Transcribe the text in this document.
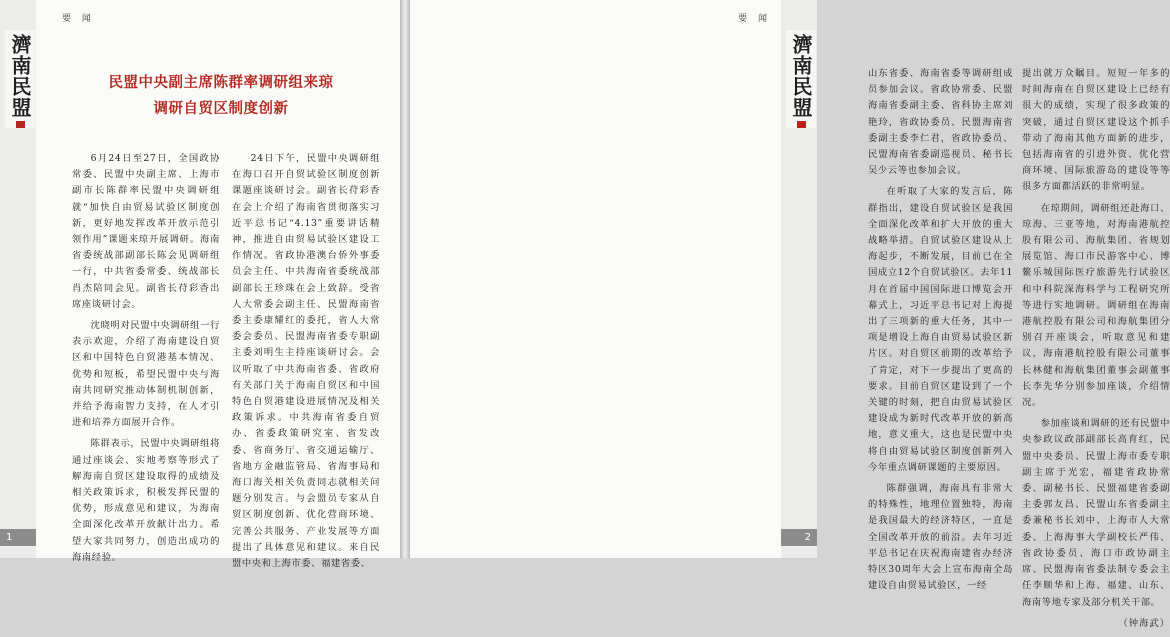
濟南民盟
要 闻
民盟中央副主席陈群率调研组来琼
调研自贸区制度创新

6月24日至27日，全国政协常委、民盟中央副主席、上海市副市长陈群率民盟中央调研组就“加快自由贸易试验区制度创新，更好地发挥改革开放示范引领作用”课题来琼开展调研。海南省委统战部副部长陈会见调研组一行，中共省委常委、统战部长肖杰陪同会见。副省长苻彩香出席座谈研讨会。

沈晓明对民盟中央调研组一行表示欢迎，介绍了海南建设自贸区和中国特色自贸港基本情况、优势和短板，希望民盟中央与海南共同研究推动体制机制创新，并给予海南智力支持，在人才引进和培养方面展开合作。

陈群表示，民盟中央调研组将通过座谈会、实地考察等形式了解海南自贸区建设取得的成绩及相关政策诉求，积极发挥民盟的优势，形成意见和建议，为海南全面深化改革开放献计出力。希望大家共同努力，创造出成功的海南经验。

24日下午，民盟中央调研组在海口召开自贸试验区制度创新课题座谈研讨会。副省长苻彩香在会上介绍了海南省贯彻落实习近平总书记“4.13”重要讲话精神，推进自由贸易试验区建设工作情况。省政协港澳台侨外事委员会主任、中共海南省委统战部副部长王珍珠在会上致辞。受省人大常委会副主任、民盟海南省委主委康耀红的委托，省人大常委会委员、民盟海南省委专职副主委刘明生主持座谈研讨会。会议听取了中共海南省委、省政府有关部门关于海南自贸区和中国特色自贸港建设进展情况及相关政策诉求。中共海南省委自贸办、省委政策研究室、省发改委、省商务厅、省交通运输厅、省地方金融监管局、省海事局和海口海关相关负责同志就相关问题分别发言。与会盟员专家从自贸区制度创新、优化营商环境、完善公共服务、产业发展等方面提出了具体意见和建议。来自民盟中央和上海市委、福建省委、

1
濟南民盟
要 闻

山东省委、海南省委等调研组成员参加会议。省政协常委、民盟海南省委副主委、省科协主席刘艳玲，省政协委员、民盟海南省委副主委李仁君，省政协委员、民盟海南省委副巡视员、秘书长吴少云等也参加会议。

在听取了大家的发言后，陈群指出，建设自贸试验区是我国全面深化改革和扩大开放的重大战略举措。自贸试验区建设从上海起步，不断发展，目前已在全国成立12个自贸试验区。去年11月在首届中国国际进口博览会开幕式上，习近平总书记对上海提出了三项新的重大任务，其中一项是增设上海自由贸易试验区新片区。对自贸区前期的改革给予了肯定，对下一步提出了更高的要求。目前自贸区建设到了一个关键的时刻，把自由贸易试验区建设成为新时代改革开放的新高地，意义重大，这也是民盟中央将自由贸易试验区制度创新列入今年重点调研课题的主要原因。

陈群强调，海南具有非常大的特殊性，地理位置独特，海南是我国最大的经济特区，一直是全国改革开放的前沿。去年习近平总书记在庆祝海南建省办经济特区30周年大会上宣布海南全岛建设自由贸易试验区，一经

提出就万众瞩目。短短一年多的时间海南在自贸区建设上已经有很大的成绩，实现了很多政策的突破，通过自贸区建设这个抓手带动了海南其他方面新的进步，包括海南省的引进外资、优化营商环境、国际旅游岛的建设等等很多方面都活跃的非常明显。

在琼期间，调研组还赴海口、琼海、三亚等地，对海南港航控股有限公司、海航集团、省规划展览馆、海口市民游客中心、博鳌乐城国际医疗旅游先行试验区和中科院深海科学与工程研究所等进行实地调研。调研组在海南港航控股有限公司和海航集团分别召开座谈会，听取意见和建议，海南港航控股有限公司董事长林健和海航集团董事会副董事长李先华分别参加座谈，介绍情况。

参加座谈和调研的还有民盟中央参政议政部副部长高育红，民盟中央委员、民盟上海市委专职副主席于光宏，福建省政协常委、副秘书长、民盟福建省委副主委郭友昌、民盟山东省委副主委兼秘书长刘中、上海市人大常委、上海海事大学副校长严伟、省政协委员、海口市政协副主席、民盟海南省委法制专委会主任李顺华和上海、福建、山东、海南等地专家及部分机关干部。

（钟海武）

2
